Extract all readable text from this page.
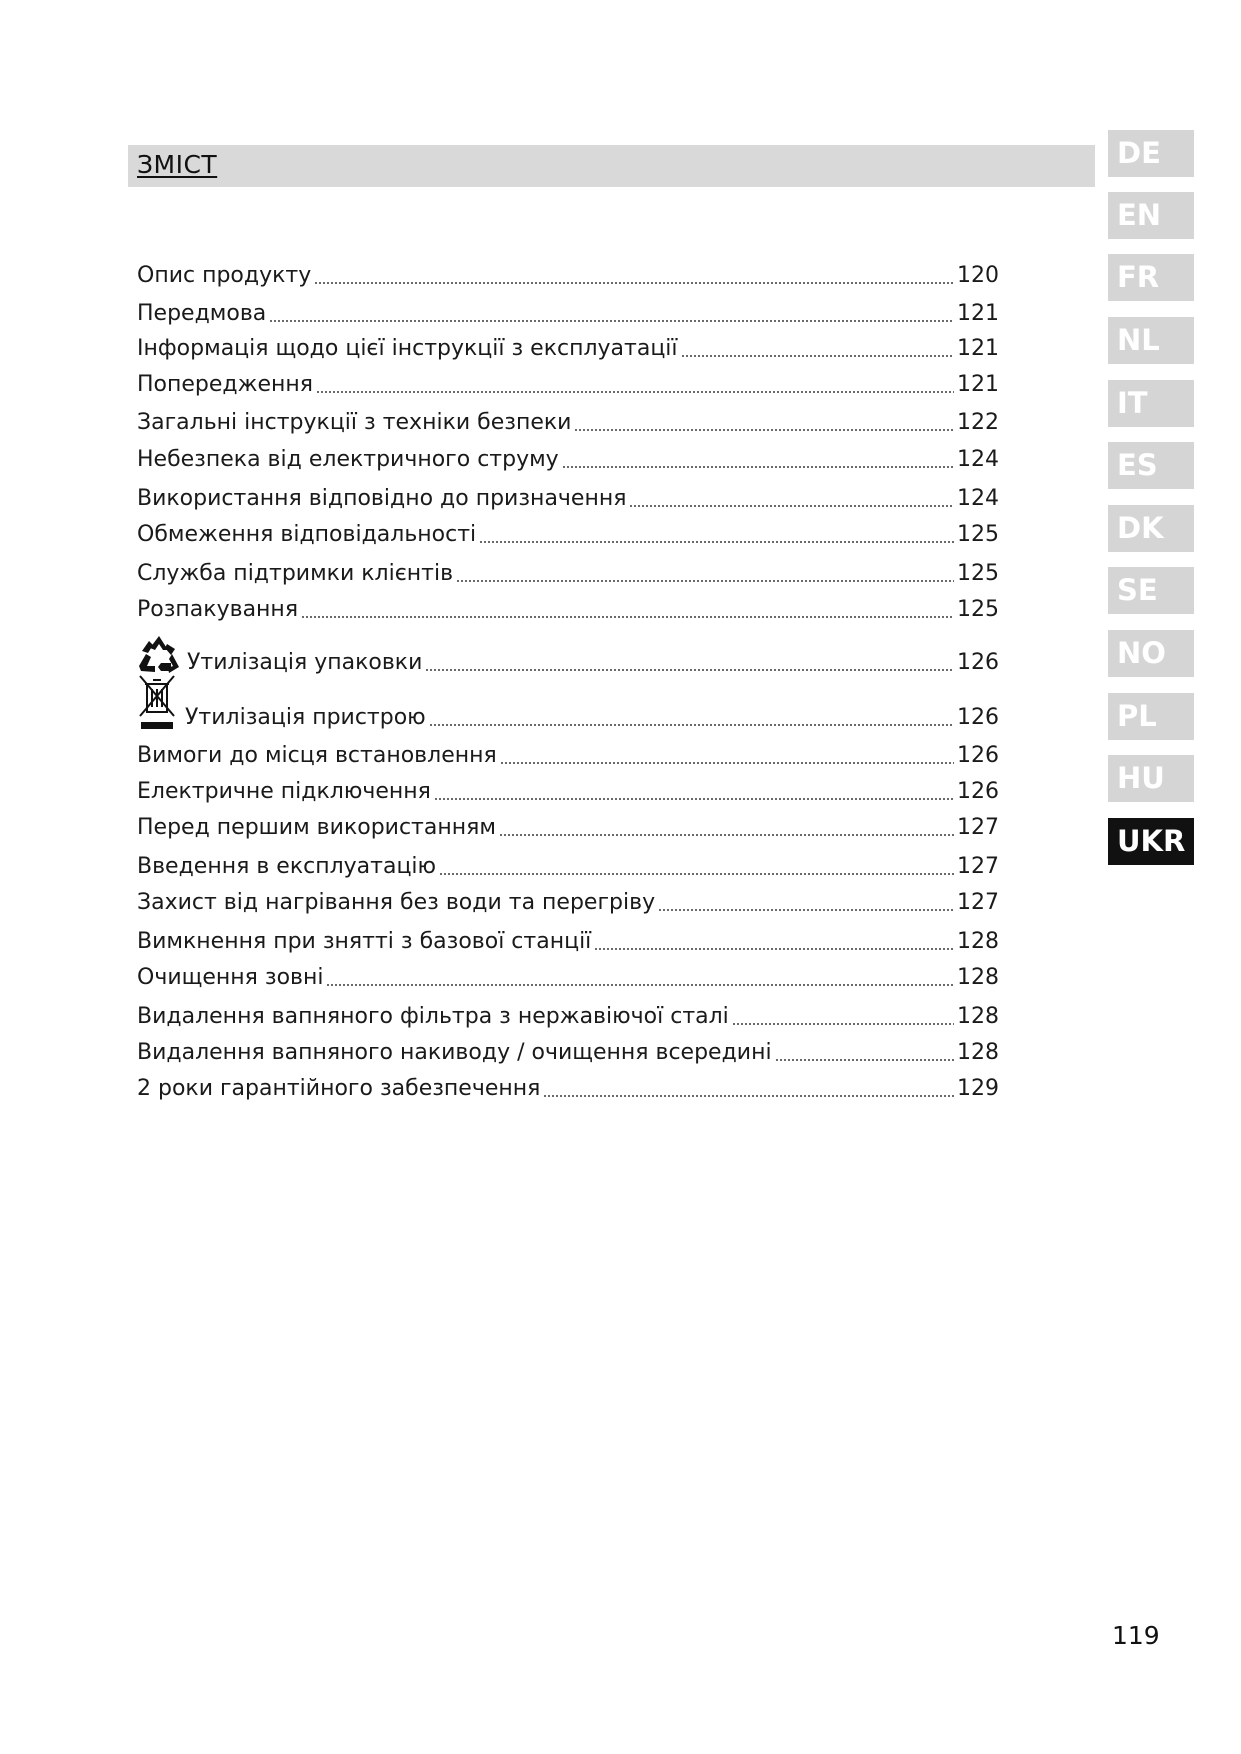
ЗМІСТ
Опис продукту	120
Передмова	121
Інформація щодо цієї інструкції з експлуатації	121
Попередження	121
Загальні інструкції з техніки безпеки	122
Небезпека від електричного струму	124
Використання відповідно до призначення	124
Обмеження відповідальності	125
Служба підтримки клієнтів	125
Розпакування	125
Утилізація упаковки	126
Утилізація пристрою	126
Вимоги до місця встановлення	126
Електричне підключення	126
Перед першим використанням	127
Введення в експлуатацію	127
Захист від нагрівання без води та перегріву	127
Вимкнення при знятті з базової станції	128
Очищення зовні	128
Видалення вапняного фільтра з нержавіючої сталі	128
Видалення вапняного накиводу / очищення всередині	128
2 роки гарантійного забезпечення	129
DE
EN
FR
NL
IT
ES
DK
SE
NO
PL
HU
UKR
119
